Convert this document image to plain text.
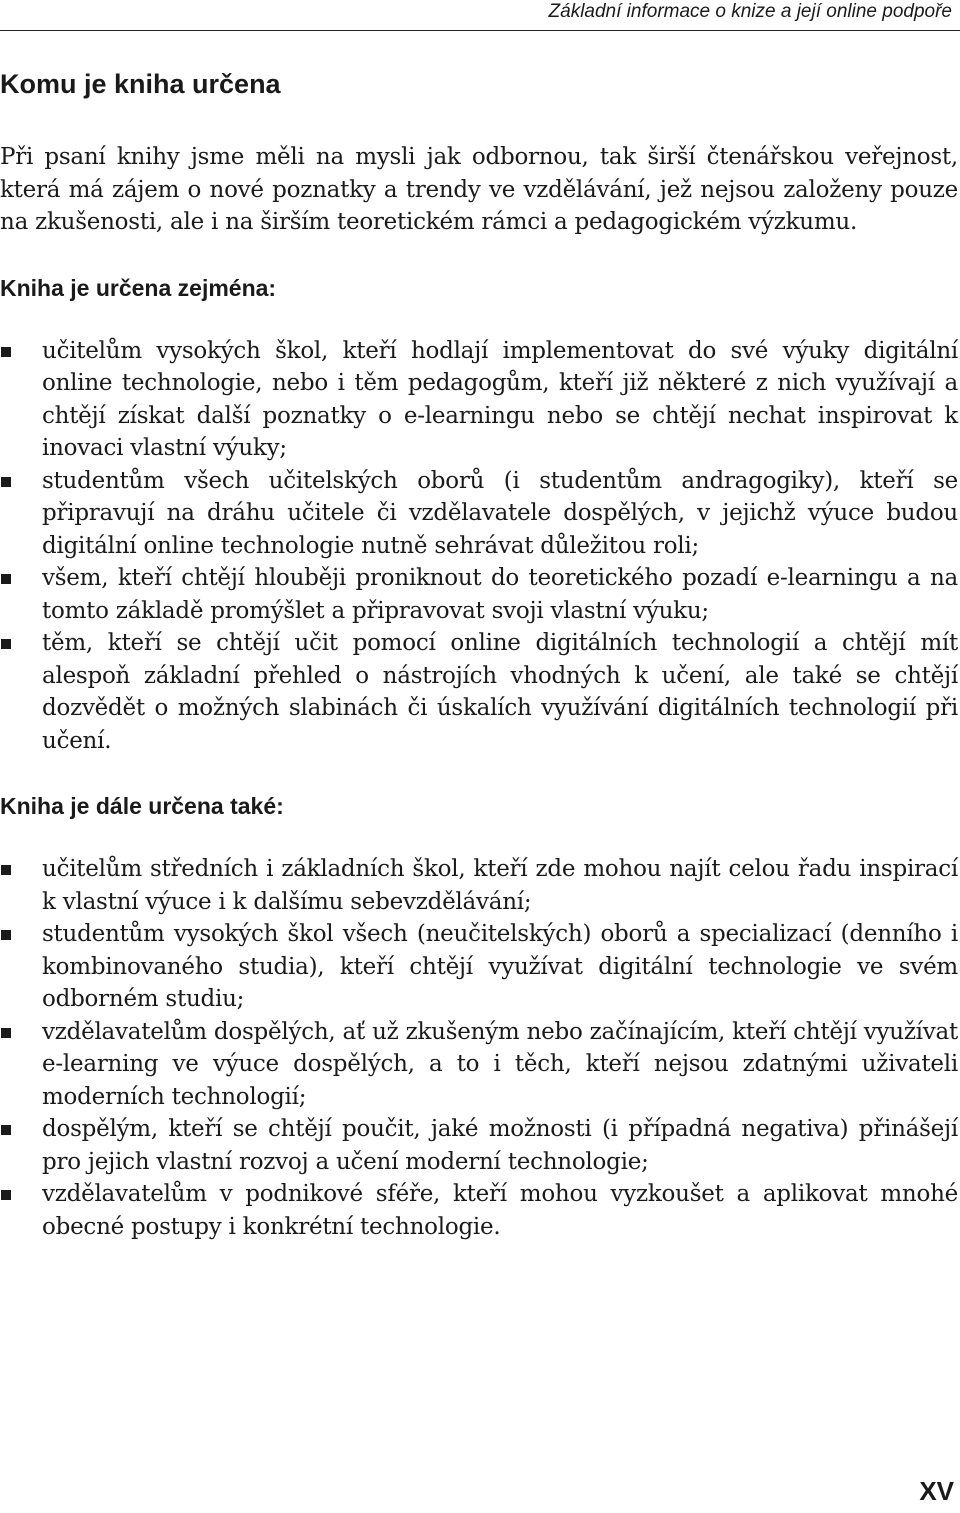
Základní informace o knize a její online podpoře
Komu je kniha určena

Při psaní knihy jsme měli na mysli jak odbornou, tak širší čtenářskou veřejnost, která má zájem o nové poznatky a trendy ve vzdělávání, jež nejsou založeny pouze na zkušenosti, ale i na širším teoretickém rámci a pedagogickém výzkumu.

Kniha je určena zejména:
učitelům vysokých škol, kteří hodlají implementovat do své výuky digitální online technologie, nebo i těm pedagogům, kteří již některé z nich využívají a chtějí získat další poznatky o e-learningu nebo se chtějí nechat inspirovat k inovaci vlastní výuky;
studentům všech učitelských oborů (i studentům andragogiky), kteří se připravují na dráhu učitele či vzdělavatele dospělých, v jejichž výuce budou digitální online technologie nutně sehrávat důležitou roli;
všem, kteří chtějí hlouběji proniknout do teoretického pozadí e-learningu a na tomto základě promýšlet a připravovat svoji vlastní výuku;
těm, kteří se chtějí učit pomocí online digitálních technologií a chtějí mít alespoň základní přehled o nástrojích vhodných k učení, ale také se chtějí dozvědět o možných slabinách či úskalích využívání digitálních technologií při učení.
Kniha je dále určena také:
učitelům středních i základních škol, kteří zde mohou najít celou řadu inspirací k vlastní výuce i k dalšímu sebevzdělávání;
studentům vysokých škol všech (neučitelských) oborů a specializací (denního i kombinovaného studia), kteří chtějí využívat digitální technologie ve svém odborném studiu;
vzdělavatelům dospělých, ať už zkušeným nebo začínajícím, kteří chtějí využívat e-learning ve výuce dospělých, a to i těch, kteří nejsou zdatnými uživateli moderních technologií;
dospělým, kteří se chtějí poučit, jaké možnosti (i případná negativa) přinášejí pro jejich vlastní rozvoj a učení moderní technologie;
vzdělavatelům v podnikové sféře, kteří mohou vyzkoušet a aplikovat mnohé obecné postupy i konkrétní technologie.
XV
